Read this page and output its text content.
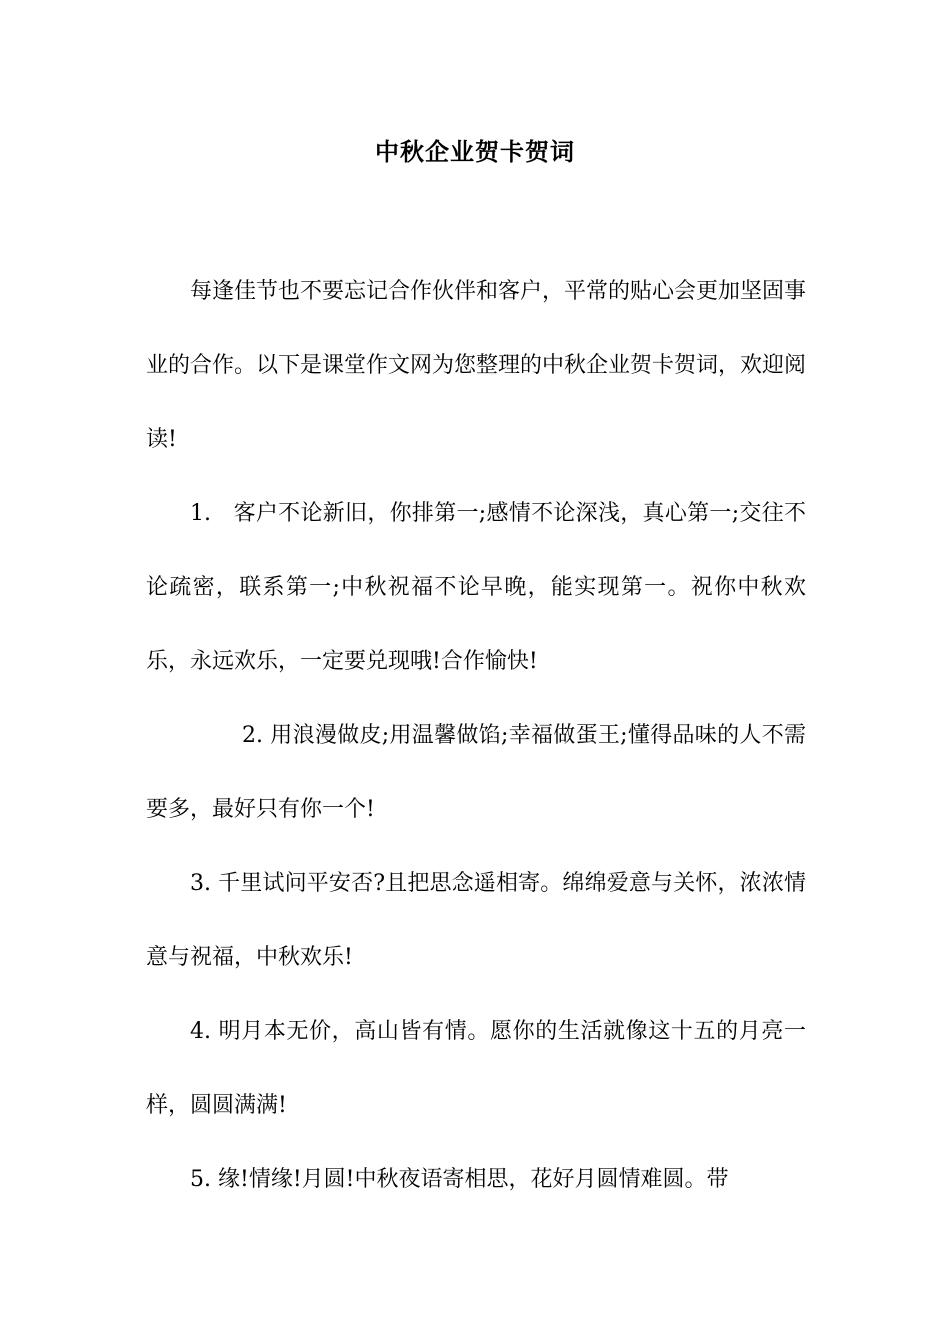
中秋企业贺卡贺词

每逢佳节也不要忘记合作伙伴和客户，平常的贴心会更加坚固事业的合作。以下是课堂作文网为您整理的中秋企业贺卡贺词，欢迎阅读!

1.　客户不论新旧，你排第一;感情不论深浅，真心第一;交往不论疏密，联系第一;中秋祝福不论早晚，能实现第一。祝你中秋欢乐，永远欢乐，一定要兑现哦!合作愉快!

2. 用浪漫做皮;用温馨做馅;幸福做蛋王;懂得品味的人不需要多，最好只有你一个!

3. 千里试问平安否?且把思念遥相寄。绵绵爱意与关怀，浓浓情意与祝福，中秋欢乐!

4. 明月本无价，高山皆有情。愿你的生活就像这十五的月亮一样，圆圆满满!

5. 缘!情缘!月圆!中秋夜语寄相思，花好月圆情难圆。带
